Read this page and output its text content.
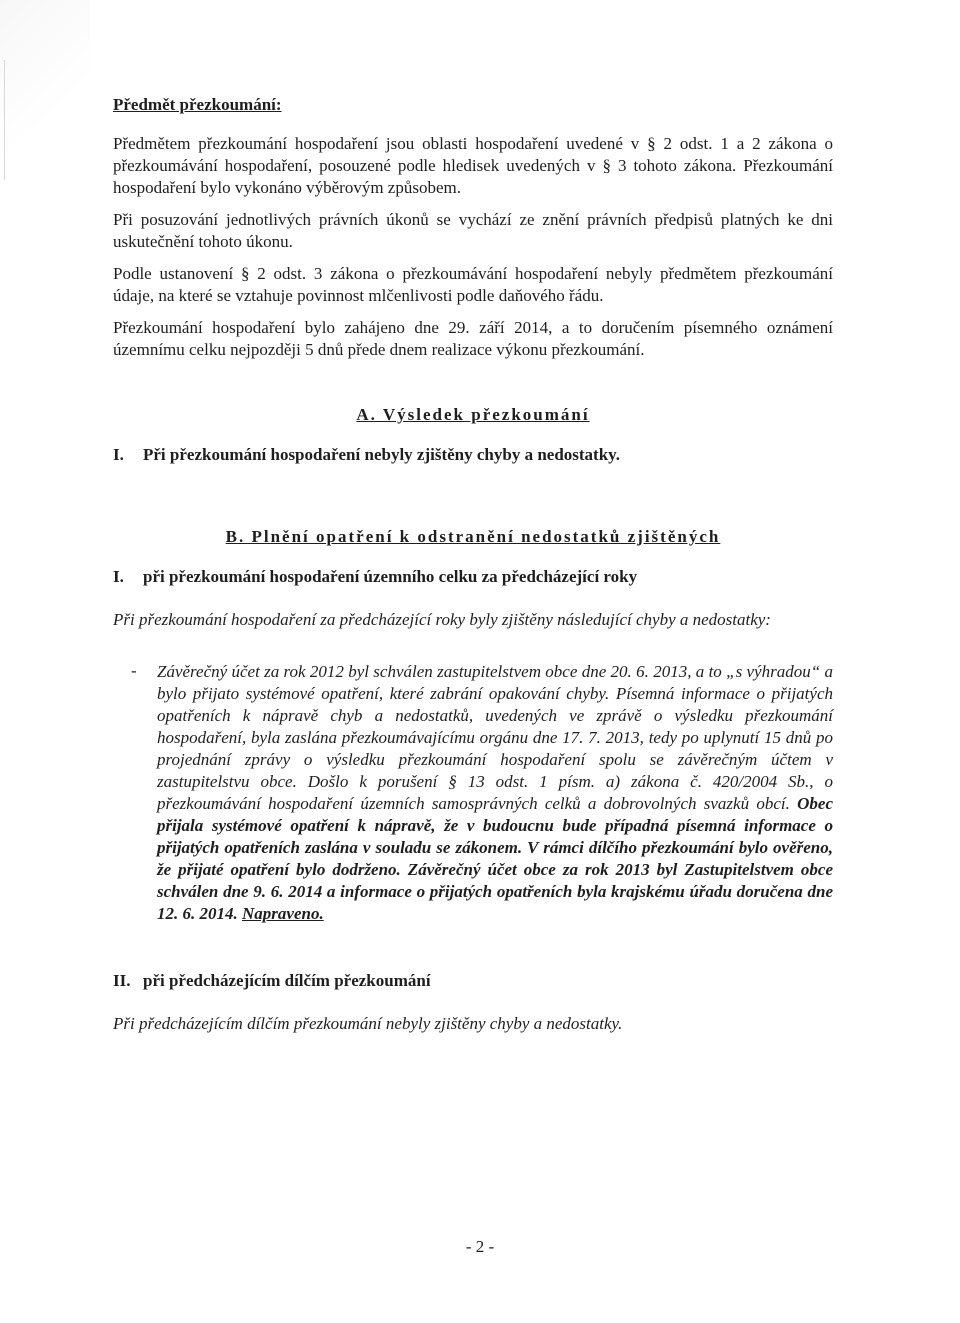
Předmět přezkoumání:

Předmětem přezkoumání hospodaření jsou oblasti hospodaření uvedené v § 2 odst. 1 a 2 zákona o přezkoumávání hospodaření, posouzené podle hledisek uvedených v § 3 tohoto zákona. Přezkoumání hospodaření bylo vykonáno výběrovým způsobem.

Při posuzování jednotlivých právních úkonů se vychází ze znění právních předpisů platných ke dni uskutečnění tohoto úkonu.

Podle ustanovení § 2 odst. 3 zákona o přezkoumávání hospodaření nebyly předmětem přezkoumání údaje, na které se vztahuje povinnost mlčenlivosti podle daňového řádu.

Přezkoumání hospodaření bylo zahájeno dne 29. září 2014, a to doručením písemného oznámení územnímu celku nejpozději 5 dnů přede dnem realizace výkonu přezkoumání.

A. Výsledek přezkoumání
I. Při přezkoumání hospodaření nebyly zjištěny chyby a nedostatky.
B. Plnění opatření k odstranění nedostatků zjištěných
I. při přezkoumání hospodaření územního celku za předcházející roky

Při přezkoumání hospodaření za předcházející roky byly zjištěny následující chyby a nedostatky:

- Závěrečný účet za rok 2012 byl schválen zastupitelstvem obce dne 20. 6. 2013, a to „s výhradou“ a bylo přijato systémové opatření, které zabrání opakování chyby. Písemná informace o přijatých opatřeních k nápravě chyb a nedostatků, uvedených ve zprávě o výsledku přezkoumání hospodaření, byla zaslána přezkoumávajícímu orgánu dne 17. 7. 2013, tedy po uplynutí 15 dnů po projednání zprávy o výsledku přezkoumání hospodaření spolu se závěrečným účtem v zastupitelstvu obce. Došlo k porušení § 13 odst. 1 písm. a) zákona č. 420/2004 Sb., o přezkoumávání hospodaření územních samosprávných celků a dobrovolných svazků obcí. Obec přijala systémové opatření k nápravě, že v budoucnu bude případná písemná informace o přijatých opatřeních zaslána v souladu se zákonem. V rámci dílčího přezkoumání bylo ověřeno, že přijaté opatření bylo dodrženo. Závěrečný účet obce za rok 2013 byl Zastupitelstvem obce schválen dne 9. 6. 2014 a informace o přijatých opatřeních byla krajskému úřadu doručena dne 12. 6. 2014. Napraveno.

II. při předcházejícím dílčím přezkoumání

Při předcházejícím dílčím přezkoumání nebyly zjištěny chyby a nedostatky.

- 2 -
